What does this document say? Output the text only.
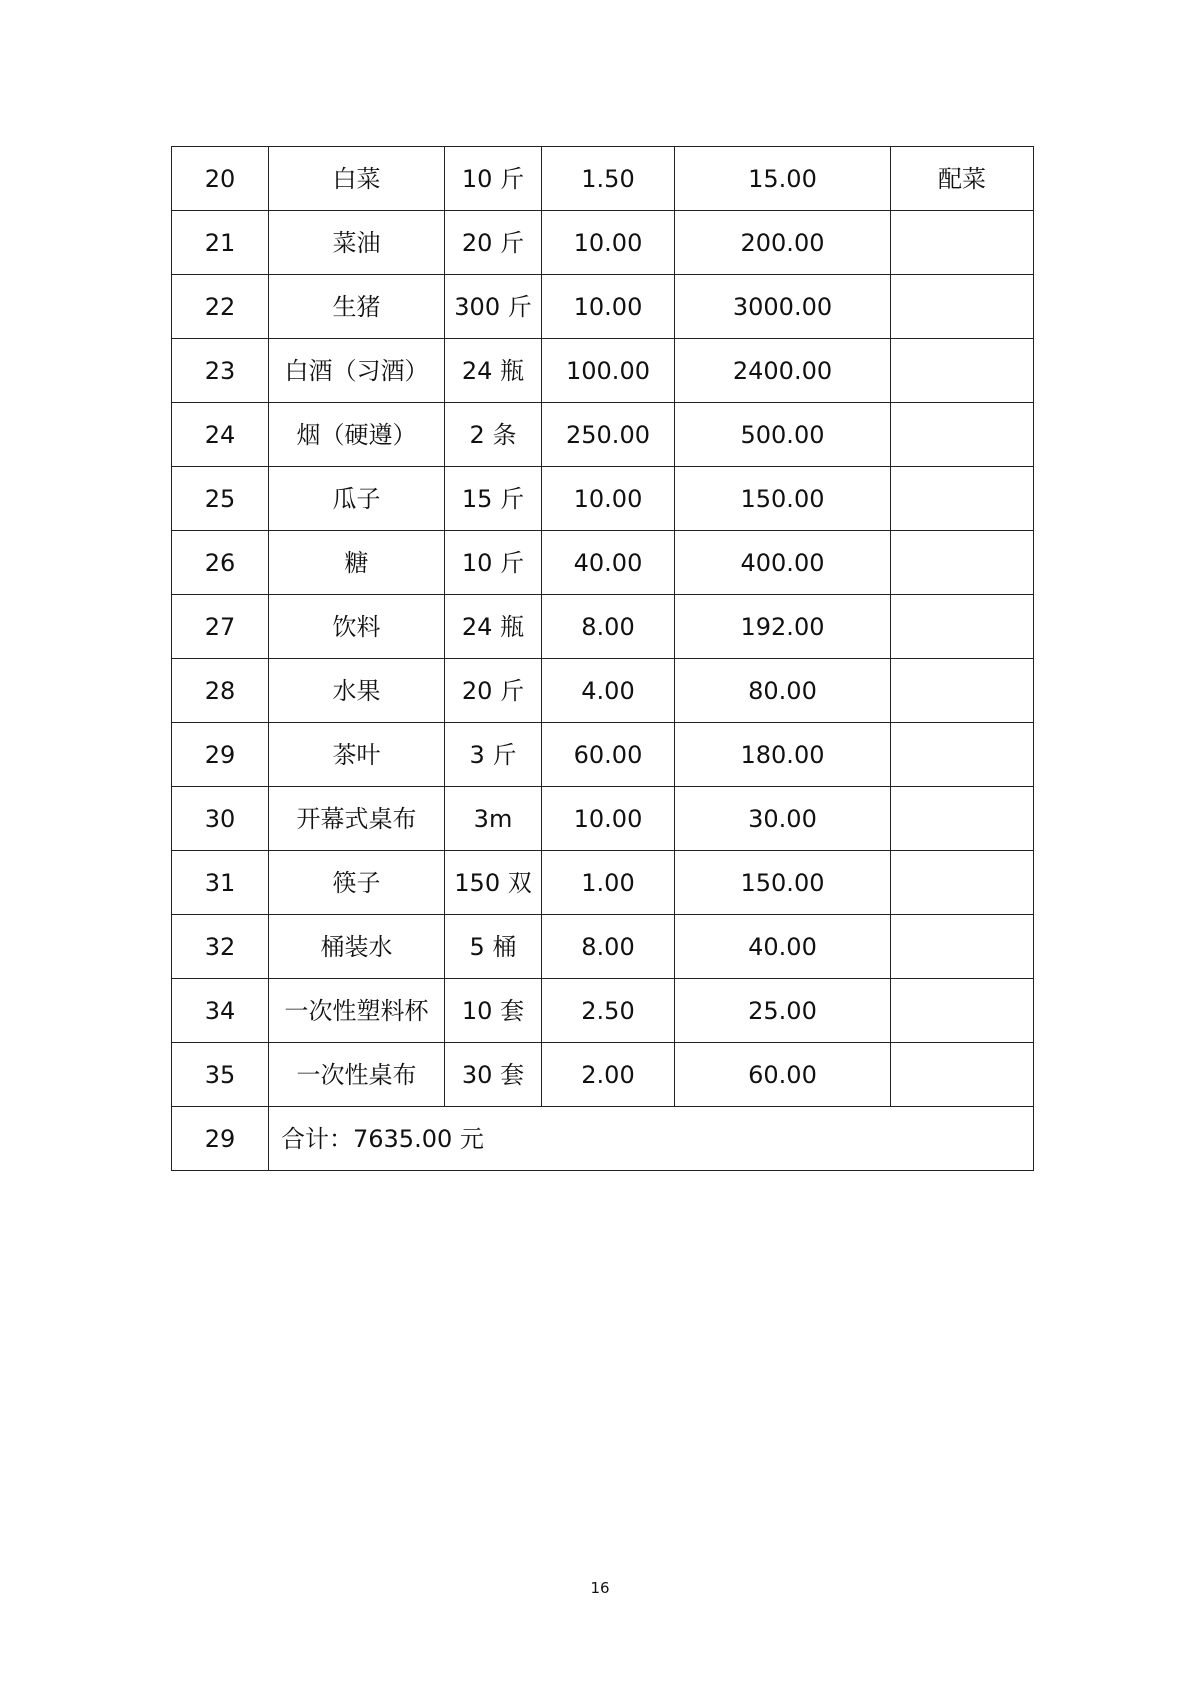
20	白菜	10 斤	1.50	15.00	配菜
21	菜油	20 斤	10.00	200.00	
22	生猪	300 斤	10.00	3000.00	
23	白酒（习酒）	24 瓶	100.00	2400.00	
24	烟（硬遵）	2 条	250.00	500.00	
25	瓜子	15 斤	10.00	150.00	
26	糖	10 斤	40.00	400.00	
27	饮料	24 瓶	8.00	192.00	
28	水果	20 斤	4.00	80.00	
29	茶叶	3 斤	60.00	180.00	
30	开幕式桌布	3m	10.00	30.00	
31	筷子	150 双	1.00	150.00	
32	桶装水	5 桶	8.00	40.00	
34	一次性塑料杯	10 套	2.50	25.00	
35	一次性桌布	30 套	2.00	60.00	
29	合计：7635.00 元				
16
